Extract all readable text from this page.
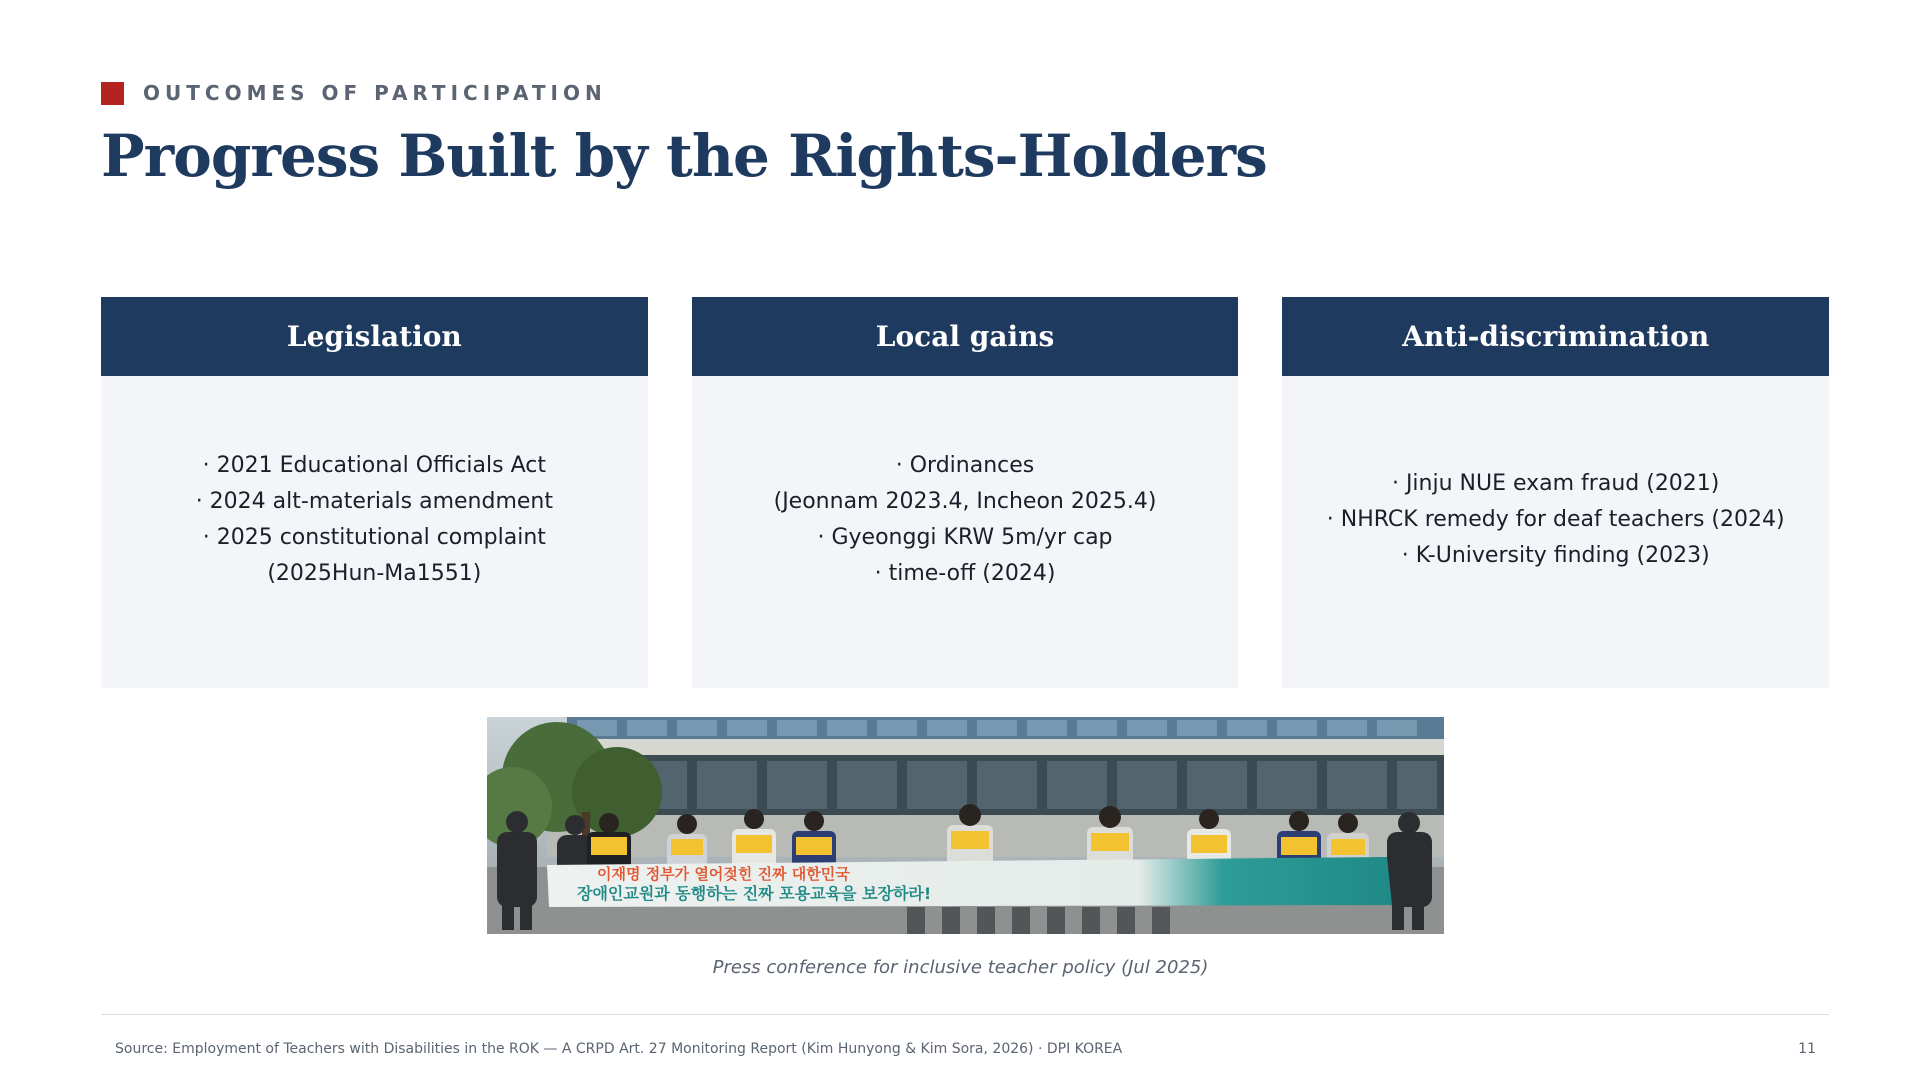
OUTCOMES OF PARTICIPATION
Progress Built by the Rights-Holders
Legislation
· 2021 Educational Officials Act
· 2024 alt-materials amendment
· 2025 constitutional complaint
(2025Hun-Ma1551)
Local gains
· Ordinances
(Jeonnam 2023.4, Incheon 2025.4)
· Gyeonggi KRW 5m/yr cap
· time-off (2024)
Anti-discrimination
· Jinju NUE exam fraud (2021)
· NHRCK remedy for deaf teachers (2024)
· K-University finding (2023)
이재명 정부가 열어젖힌 진짜 대한민국
장애인교원과 동행하는 진짜 포용교육을 보장하라!
Press conference for inclusive teacher policy (Jul 2025)
Source: Employment of Teachers with Disabilities in the ROK — A CRPD Art. 27 Monitoring Report (Kim Hunyong & Kim Sora, 2026) · DPI KOREA	11
